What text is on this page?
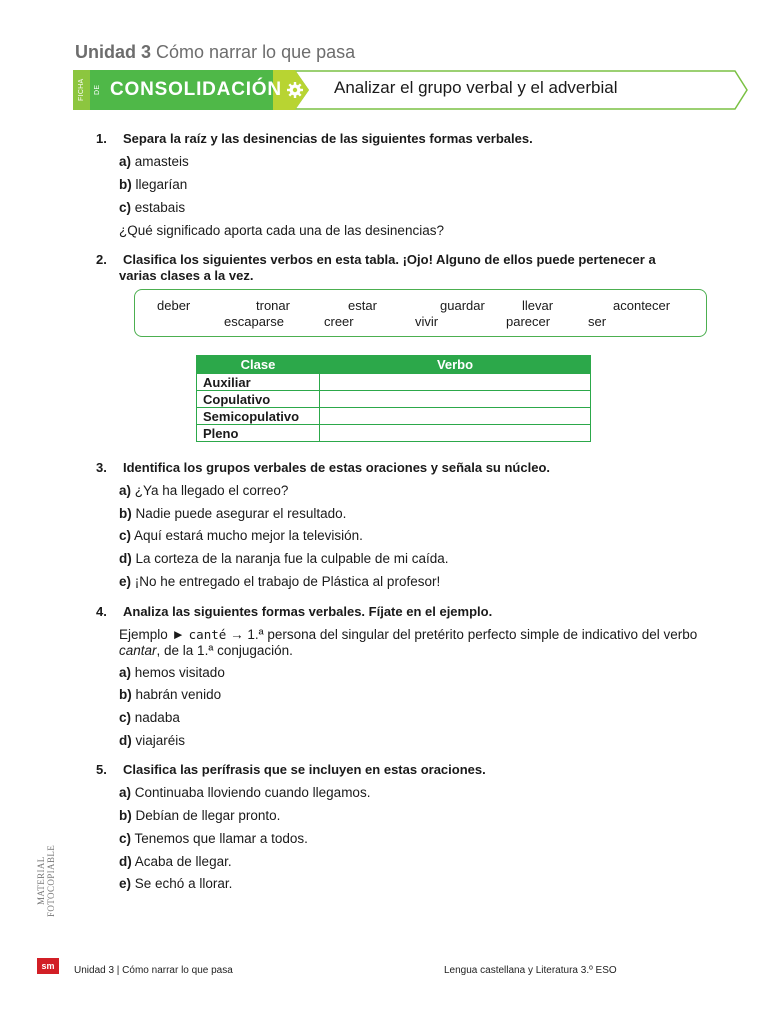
Unidad 3 Cómo narrar lo que pasa
FICHA DE CONSOLIDACIÓN	Analizar el grupo verbal y el adverbial
1. Separa la raíz y las desinencias de las siguientes formas verbales.
a) amasteis
b) llegarían
c) estabais
¿Qué significado aporta cada una de las desinencias?
2. Clasifica los siguientes verbos en esta tabla. ¡Ojo! Alguno de ellos puede pertenecer a
varias clases a la vez.
deber	tronar	estar	guardar	llevar	acontecer
escaparse	creer	vivir	parecer	ser
Clase	Verbo
Auxiliar	
Copulativo	
Semicopulativo	
Pleno	
3. Identifica los grupos verbales de estas oraciones y señala su núcleo.
a) ¿Ya ha llegado el correo?
b) Nadie puede asegurar el resultado.
c) Aquí estará mucho mejor la televisión.
d) La corteza de la naranja fue la culpable de mi caída.
e) ¡No he entregado el trabajo de Plástica al profesor!
4. Analiza las siguientes formas verbales. Fíjate en el ejemplo.
Ejemplo ► canté → 1.ª persona del singular del pretérito perfecto simple de indicativo del verbo cantar, de la 1.ª conjugación.
a) hemos visitado
b) habrán venido
c) nadaba
d) viajaréis
5. Clasifica las perífrasis que se incluyen en estas oraciones.
a) Continuaba lloviendo cuando llegamos.
b) Debían de llegar pronto.
c) Tenemos que llamar a todos.
d) Acaba de llegar.
e) Se echó a llorar.
MATERIAL FOTOCOPIABLE
sm	Unidad 3 | Cómo narrar lo que pasa	Lengua castellana y Literatura 3.º ESO
